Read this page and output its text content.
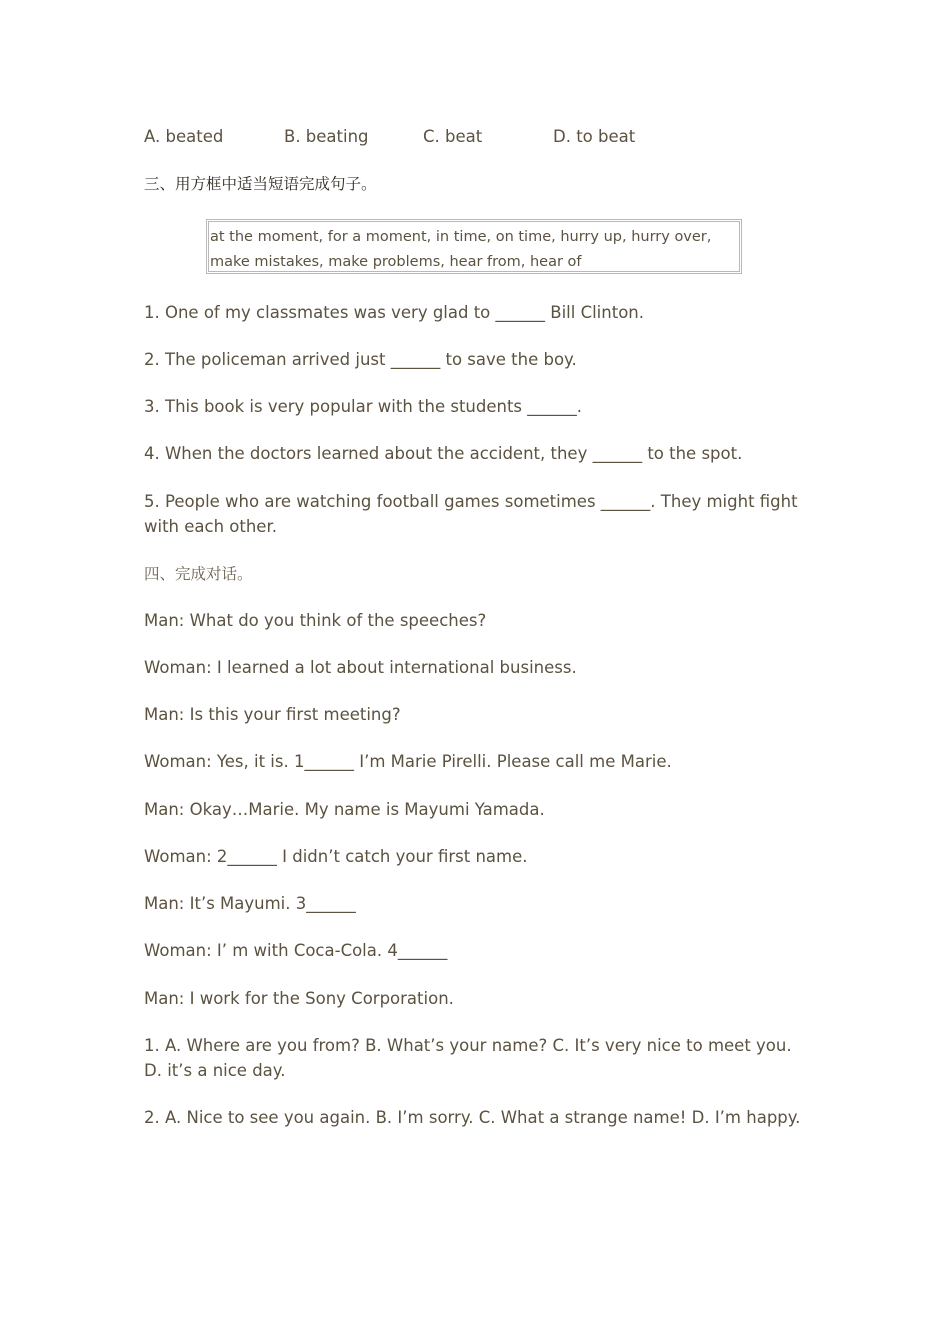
A. beated	B. beating	C. beat	D. to beat
三、用方框中适当短语完成句子。
at the moment, for a moment, in time, on time, hurry up, hurry over,
make mistakes, make problems, hear from, hear of
1. One of my classmates was very glad to ______ Bill Clinton.
2. The policeman arrived just ______ to save the boy.
3. This book is very popular with the students ______.
4. When the doctors learned about the accident, they ______ to the spot.
5. People who are watching football games sometimes ______. They might fight with each other.
四、完成对话。
Man: What do you think of the speeches?
Woman: I learned a lot about international business.
Man: Is this your first meeting?
Woman: Yes, it is. 1______ I’m Marie Pirelli. Please call me Marie.
Man: Okay…Marie. My name is Mayumi Yamada.
Woman: 2______ I didn’t catch your first name.
Man: It’s Mayumi. 3______
Woman: I’ m with Coca-Cola. 4______
Man: I work for the Sony Corporation.
1. A. Where are you from? B. What’s your name? C. It’s very nice to meet you. D. it’s a nice day.
2. A. Nice to see you again. B. I’m sorry. C. What a strange name! D. I’m happy.
